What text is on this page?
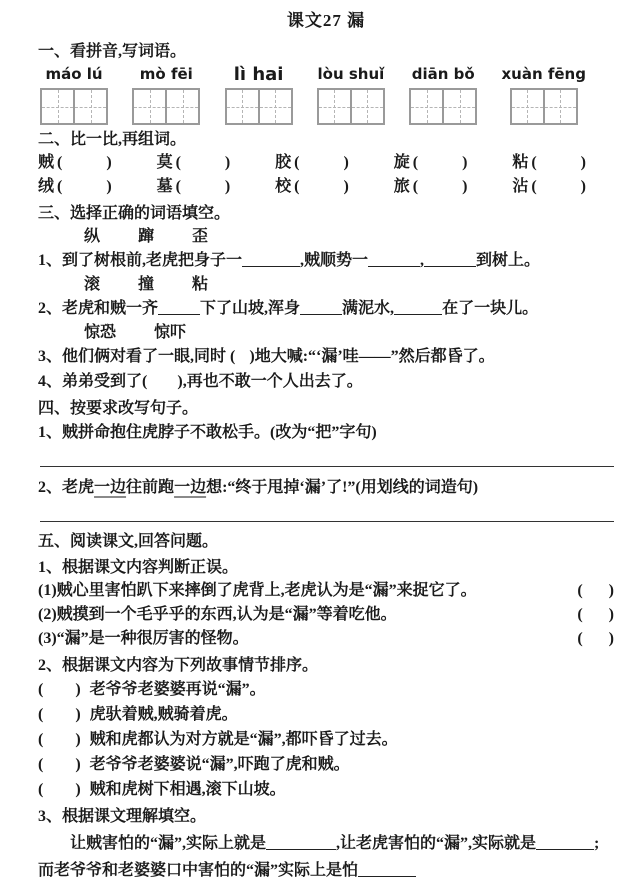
课文27 漏
一、看拼音,写词语。
máo lú mò fēi lì hai lòu shuǐ diān bǒ xuàn fēng
二、比一比,再组词。
贼 (	)	莫 (	)	胶 (	)	旋 (	)	粘 (	)
绒 (	)	墓 (	)	校 (	)	旅 (	)	沾 (	)
三、选择正确的词语填空。
纵 蹿 歪
1、到了树根前,老虎把身子一	,贼顺势一	,	到树上。
滚 撞 粘
2、老虎和贼一齐	下了山坡,浑身	满泥水,	在了一块儿。
惊恐 惊吓
3、他们俩对看了一眼,同时 ( )地大喊:“‘漏’哇——”然后都昏了。
4、弟弟受到了( ),再也不敢一个人出去了。
四、按要求改写句子。
1、贼拼命抱住虎脖子不敢松手。(改为“把”字句)
2、老虎一边往前跑一边想:“终于甩掉‘漏’了!”(用划线的词造句)
五、阅读课文,回答问题。
1、根据课文内容判断正误。
(1)贼心里害怕趴下来摔倒了虎背上,老虎认为是“漏”来捉它了。	( )
(2)贼摸到一个毛乎乎的东西,认为是“漏”等着吃他。	( )
(3)“漏”是一种很厉害的怪物。	( )
2、根据课文内容为下列故事情节排序。
( ) 老爷爷老婆婆再说“漏”。
( ) 虎驮着贼,贼骑着虎。
( ) 贼和虎都认为对方就是“漏”,都吓昏了过去。
( ) 老爷爷老婆婆说“漏”,吓跑了虎和贼。
( ) 贼和虎树下相遇,滚下山坡。
3、根据课文理解填空。

让贼害怕的“漏”,实际上就是	,让老虎害怕的“漏”,实际就是	;而老爷爷和老婆婆口中害怕的“漏”实际上是怕
